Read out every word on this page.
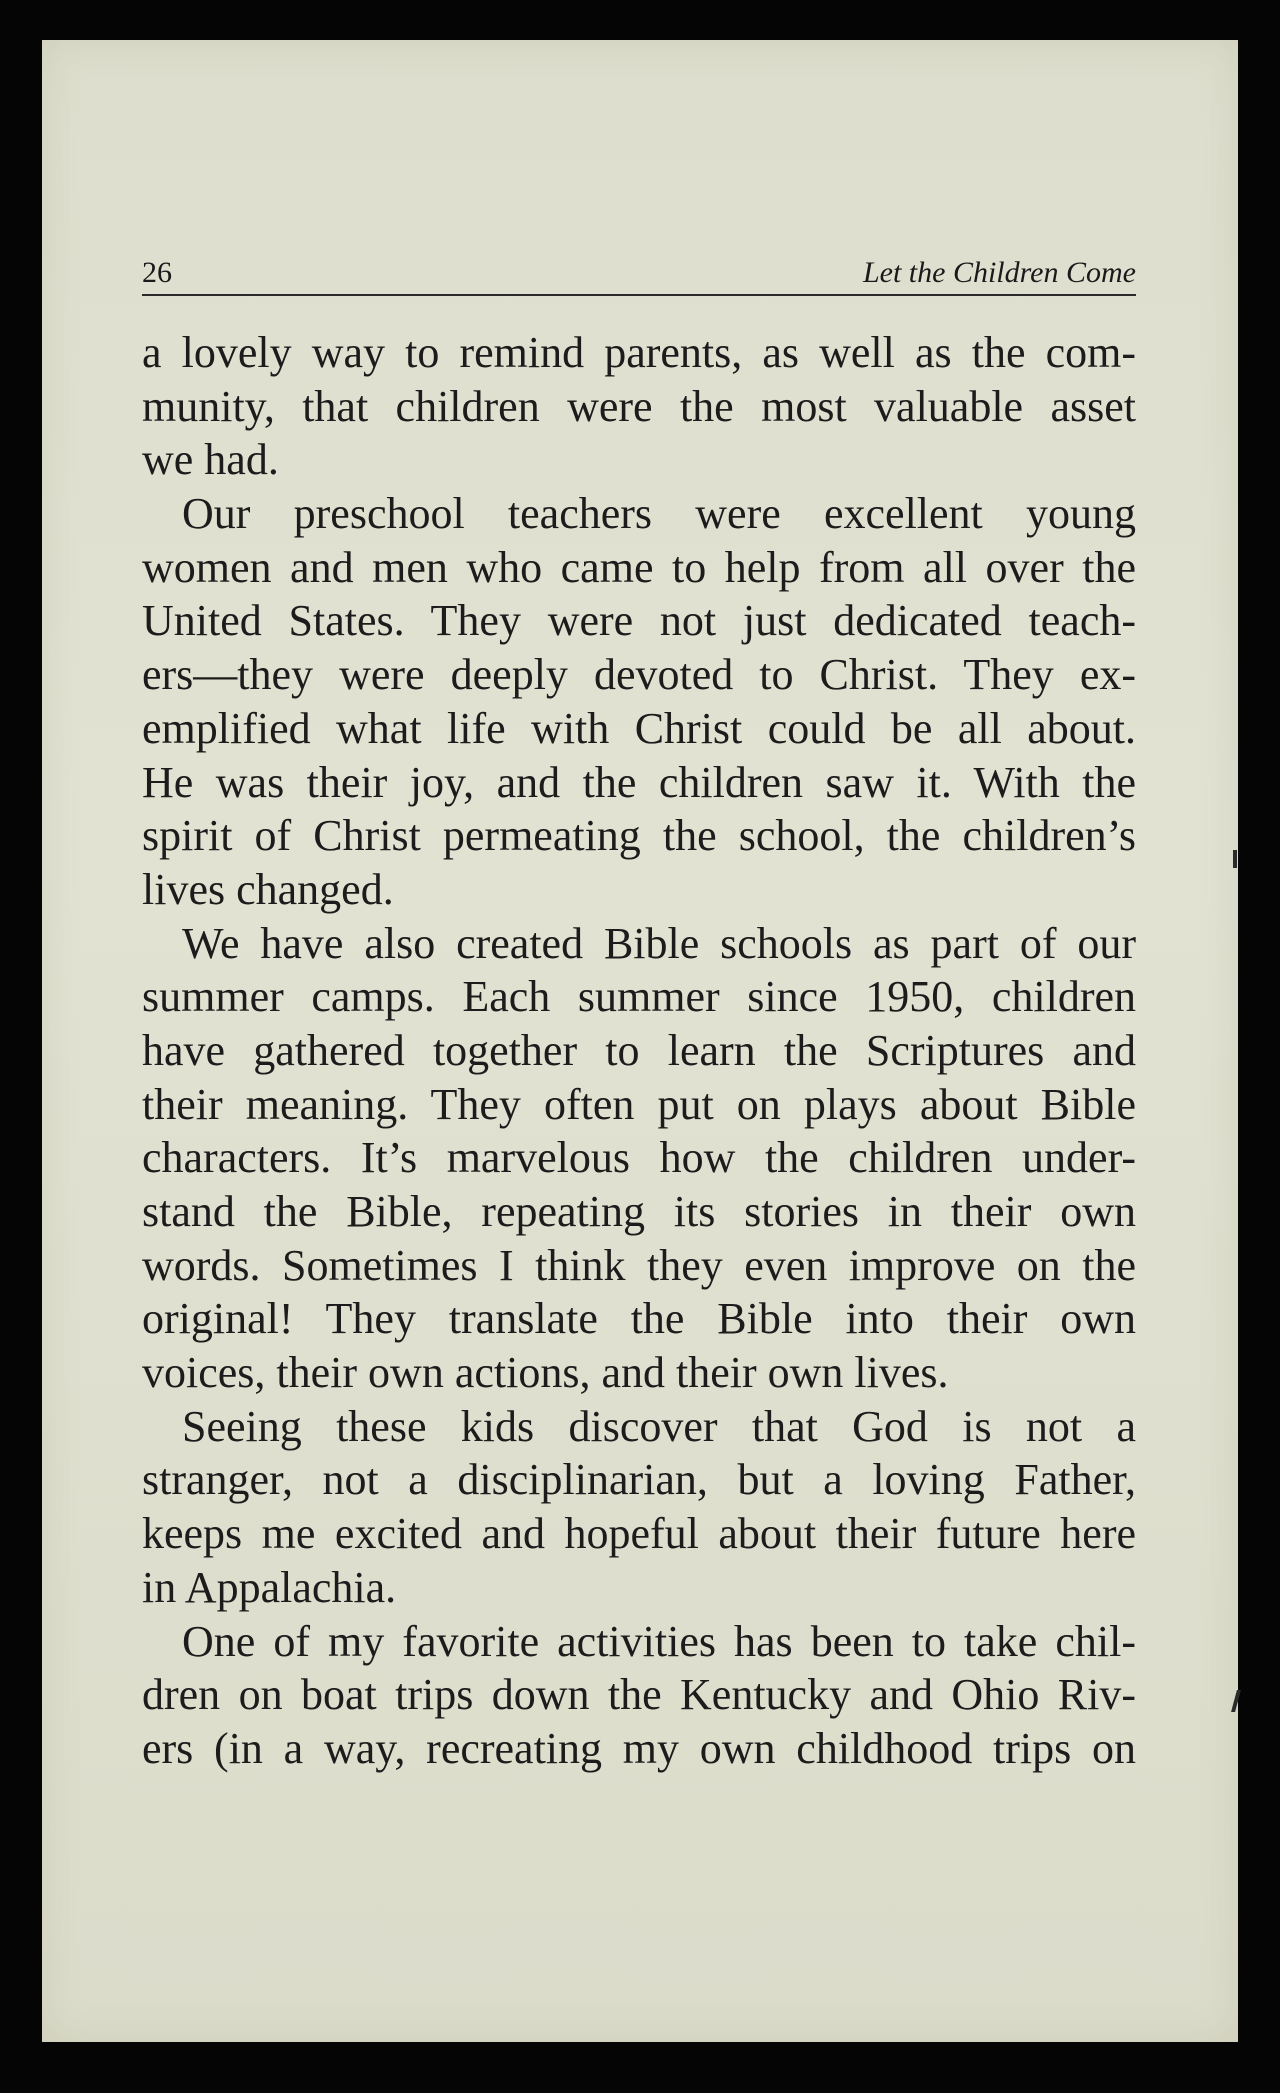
26	Let the Children Come
a lovely way to remind parents, as well as the com-
munity, that children were the most valuable asset
we had.
Our preschool teachers were excellent young
women and men who came to help from all over the
United States. They were not just dedicated teach-
ers—they were deeply devoted to Christ. They ex-
emplified what life with Christ could be all about.
He was their joy, and the children saw it. With the
spirit of Christ permeating the school, the children’s
lives changed.
We have also created Bible schools as part of our
summer camps. Each summer since 1950, children
have gathered together to learn the Scriptures and
their meaning. They often put on plays about Bible
characters. It’s marvelous how the children under-
stand the Bible, repeating its stories in their own
words. Sometimes I think they even improve on the
original! They translate the Bible into their own
voices, their own actions, and their own lives.
Seeing these kids discover that God is not a
stranger, not a disciplinarian, but a loving Father,
keeps me excited and hopeful about their future here
in Appalachia.
One of my favorite activities has been to take chil-
dren on boat trips down the Kentucky and Ohio Riv-
ers (in a way, recreating my own childhood trips on
